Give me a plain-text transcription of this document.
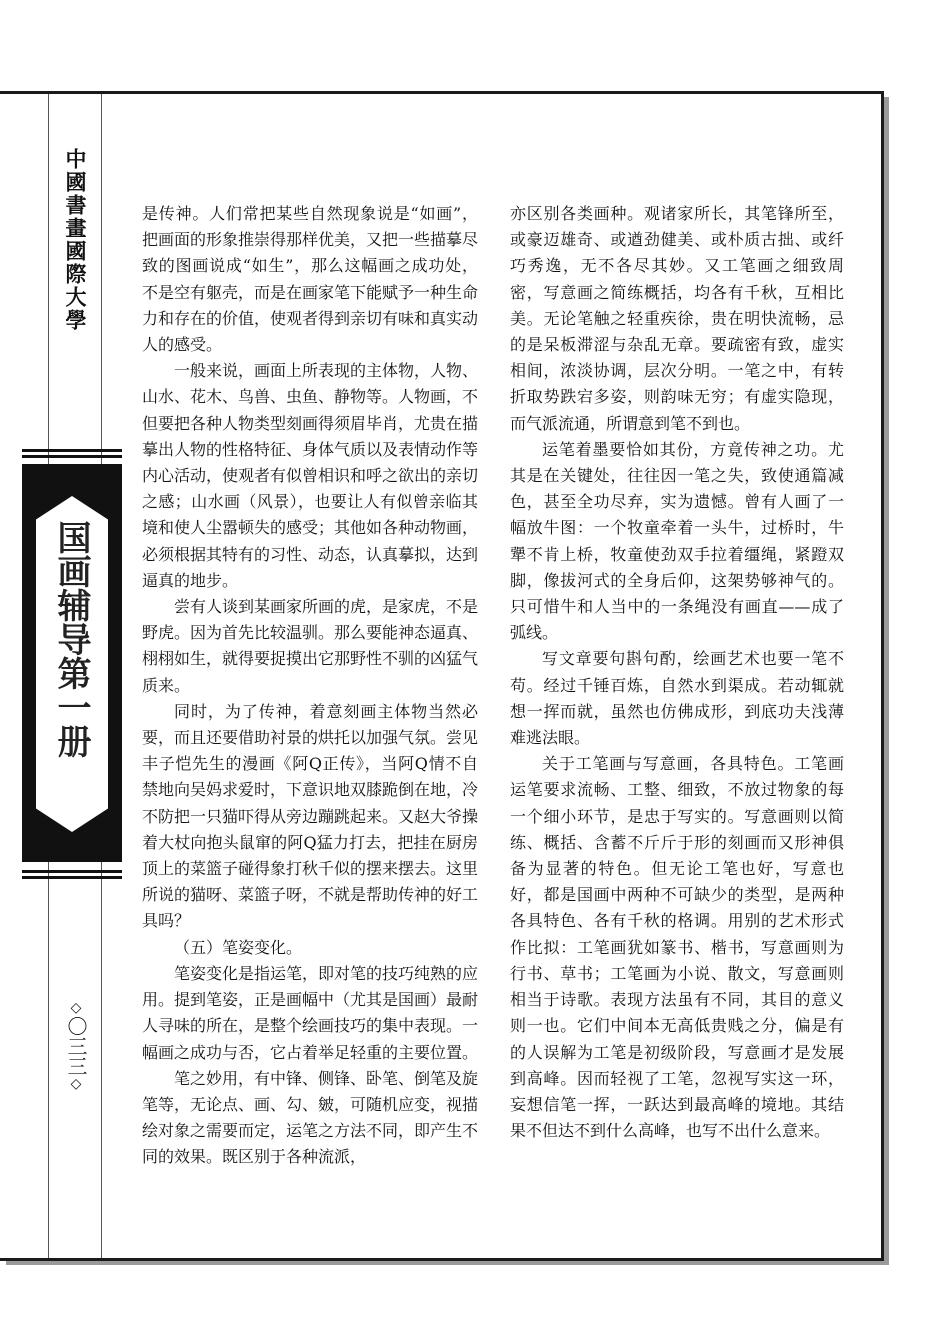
中國書畫國際大學
国画辅导第一册
◇〇三三◇

是传神。人们常把某些自然现象说是“如画”，把画面的形象推崇得那样优美，又把一些描摹尽致的图画说成“如生”，那么这幅画之成功处，不是空有躯壳，而是在画家笔下能赋予一种生命力和存在的价值，使观者得到亲切有味和真实动人的感受。

一般来说，画面上所表现的主体物，人物、山水、花木、鸟兽、虫鱼、静物等。人物画，不但要把各种人物类型刻画得须眉毕肖，尤贵在描摹出人物的性格特征、身体气质以及表情动作等内心活动，使观者有似曾相识和呼之欲出的亲切之感；山水画（风景），也要让人有似曾亲临其境和使人尘嚣顿失的感受；其他如各种动物画，必须根据其特有的习性、动态，认真摹拟，达到逼真的地步。

尝有人谈到某画家所画的虎，是家虎，不是野虎。因为首先比较温驯。那么要能神态逼真、栩栩如生，就得要捉摸出它那野性不驯的凶猛气质来。

同时，为了传神，着意刻画主体物当然必要，而且还要借助衬景的烘托以加强气氛。尝见丰子恺先生的漫画《阿Q正传》，当阿Q情不自禁地向吴妈求爱时，下意识地双膝跪倒在地，冷不防把一只猫吓得从旁边蹦跳起来。又赵大爷操着大杖向抱头鼠窜的阿Q猛力打去，把挂在厨房顶上的菜篮子碰得象打秋千似的摆来摆去。这里所说的猫呀、菜篮子呀，不就是帮助传神的好工具吗？

（五）笔姿变化。

笔姿变化是指运笔，即对笔的技巧纯熟的应用。提到笔姿，正是画幅中（尤其是国画）最耐人寻味的所在，是整个绘画技巧的集中表现。一幅画之成功与否，它占着举足轻重的主要位置。

笔之妙用，有中锋、侧锋、卧笔、倒笔及旋笔等，无论点、画、勾、皴，可随机应变，视描绘对象之需要而定，运笔之方法不同，即产生不同的效果。既区别于各种流派，

亦区别各类画种。观诸家所长，其笔锋所至，或豪迈雄奇、或遒劲健美、或朴质古拙、或纤巧秀逸，无不各尽其妙。又工笔画之细致周密，写意画之简练概括，均各有千秋，互相比美。无论笔触之轻重疾徐，贵在明快流畅，忌的是呆板滞涩与杂乱无章。要疏密有致，虚实相间，浓淡协调，层次分明。一笔之中，有转折取势跌宕多姿，则韵味无穷；有虚实隐现，而气派流通，所谓意到笔不到也。

运笔着墨要恰如其份，方竟传神之功。尤其是在关键处，往往因一笔之失，致使通篇减色，甚至全功尽弃，实为遗憾。曾有人画了一幅放牛图：一个牧童牵着一头牛，过桥时，牛犟不肯上桥，牧童使劲双手拉着缰绳，紧蹬双脚，像拔河式的全身后仰，这架势够神气的。只可惜牛和人当中的一条绳没有画直——成了弧线。

写文章要句斟句酌，绘画艺术也要一笔不苟。经过千锤百炼，自然水到渠成。若动辄就想一挥而就，虽然也仿佛成形，到底功夫浅薄难逃法眼。

关于工笔画与写意画，各具特色。工笔画运笔要求流畅、工整、细致，不放过物象的每一个细小环节，是忠于写实的。写意画则以简练、概括、含蓄不斤斤于形的刻画而又形神俱备为显著的特色。但无论工笔也好，写意也好，都是国画中两种不可缺少的类型，是两种各具特色、各有千秋的格调。用别的艺术形式作比拟：工笔画犹如篆书、楷书，写意画则为行书、草书；工笔画为小说、散文，写意画则相当于诗歌。表现方法虽有不同，其目的意义则一也。它们中间本无高低贵贱之分，偏是有的人误解为工笔是初级阶段，写意画才是发展到高峰。因而轻视了工笔，忽视写实这一环，妄想信笔一挥，一跃达到最高峰的境地。其结果不但达不到什么高峰，也写不出什么意来。
